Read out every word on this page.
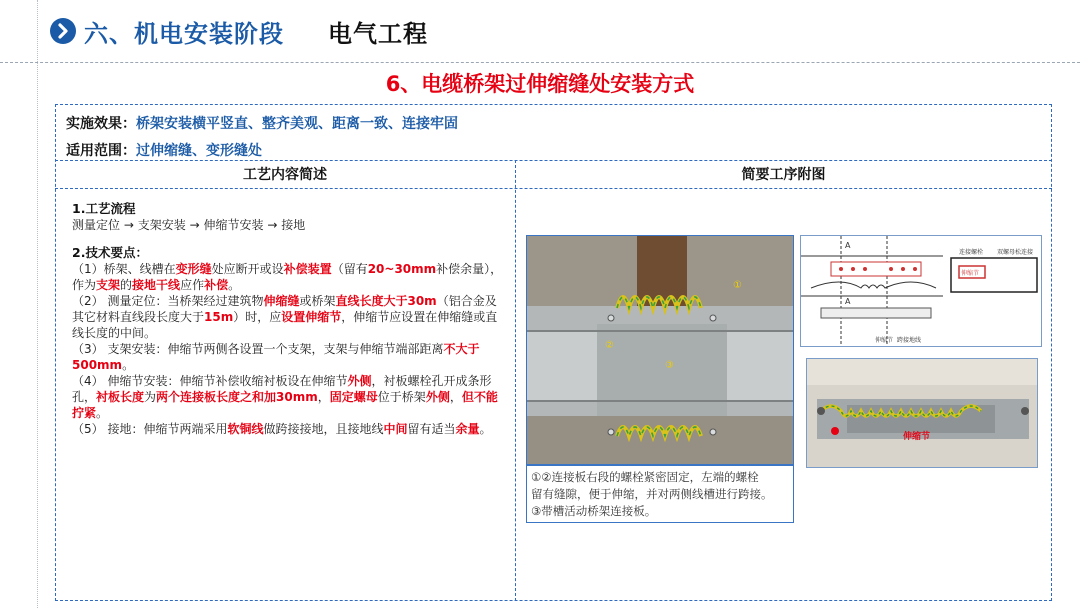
六、机电安装阶段 电气工程
6、电缆桥架过伸缩缝处安装方式
实施效果：桥架安装横平竖直、整齐美观、距离一致、连接牢固
适用范围：过伸缩缝、变形缝处
工艺内容简述	简要工序附图

1.工艺流程

测量定位 → 支架安装 → 伸缩节安装 → 接地

2.技术要点：

（1）桥架、线槽在变形缝处应断开或设补偿装置（留有20~30mm补偿余量），作为支架的接地干线应作补偿。

（2） 测量定位：当桥架经过建筑物伸缩缝或桥架直线长度大于30m（铝合金及其它材料直线段长度大于15m）时，应设置伸缩节，伸缩节应设置在伸缩缝或直线长度的中间。

（3） 支架安装：伸缩节两侧各设置一个支架，支架与伸缩节端部距离不大于500mm。

（4） 伸缩节安装：伸缩节补偿收缩衬板设在伸缩节外侧，衬板螺栓孔开成条形孔，衬板长度为两个连接板长度之和加30mm，固定螺母位于桥架外侧，但不能拧紧。

（5） 接地：伸缩节两端采用软铜线做跨接接地，且接地线中间留有适当余量。

①
②
③
①②连接板右段的螺栓紧密固定，左端的螺栓
留有缝隙，便于伸缩，并对两侧线槽进行跨接。
③带槽活动桥架连接板。
A
A
伸缩节 跨接地线
连接螺栓 双螺母松连接
伸缩节
伸缩节
